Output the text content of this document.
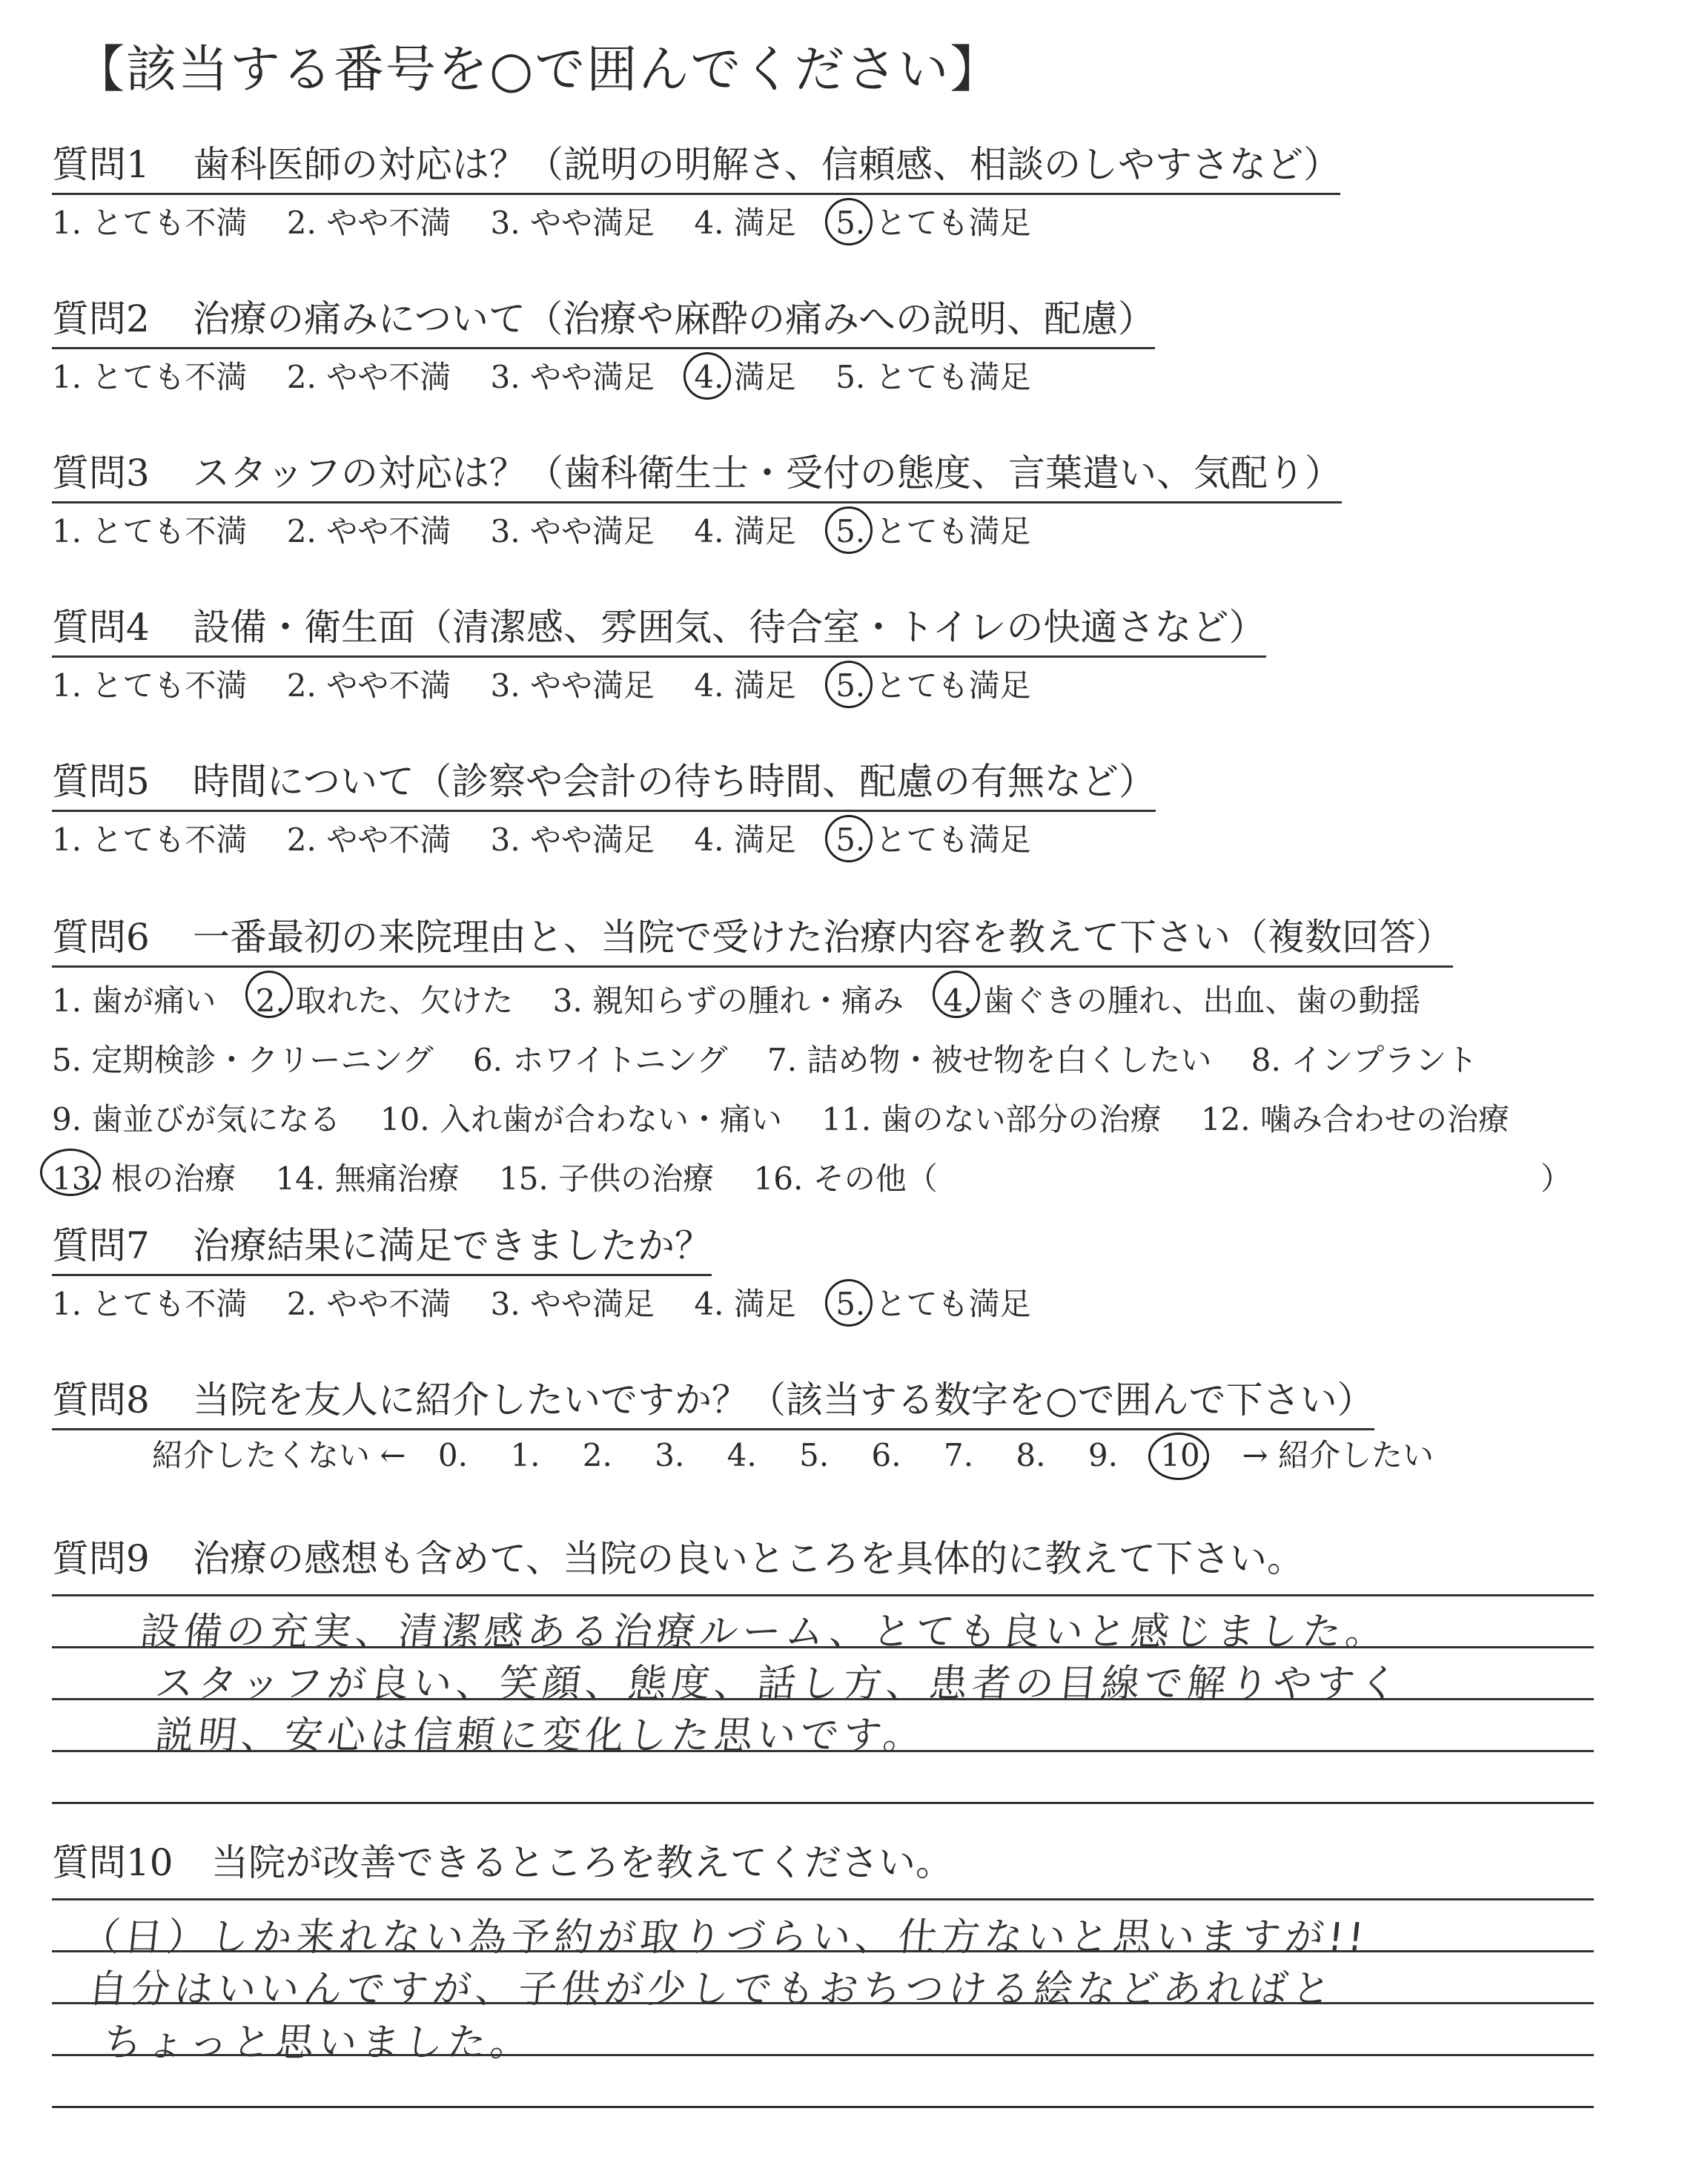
【該当する番号を○で囲んでください】
質問1 歯科医師の対応は？（説明の明解さ、信頼感、相談のしやすさなど）
1. とても不満 2. やや不満 3. やや満足 4. 満足 5. とても満足
質問2 治療の痛みについて（治療や麻酔の痛みへの説明、配慮）
1. とても不満 2. やや不満 3. やや満足 4. 満足 5. とても満足
質問3 スタッフの対応は？（歯科衛生士・受付の態度、言葉遣い、気配り）
1. とても不満 2. やや不満 3. やや満足 4. 満足 5. とても満足
質問4 設備・衛生面（清潔感、雰囲気、待合室・トイレの快適さなど）
1. とても不満 2. やや不満 3. やや満足 4. 満足 5. とても満足
質問5 時間について（診察や会計の待ち時間、配慮の有無など）
1. とても不満 2. やや不満 3. やや満足 4. 満足 5. とても満足
質問6 一番最初の来院理由と、当院で受けた治療内容を教えて下さい（複数回答）
1. 歯が痛い 2. 取れた、欠けた 3. 親知らずの腫れ・痛み 4. 歯ぐきの腫れ、出血、歯の動揺
5. 定期検診・クリーニング 6. ホワイトニング 7. 詰め物・被せ物を白くしたい 8. インプラント
9. 歯並びが気になる 10. 入れ歯が合わない・痛い 11. 歯のない部分の治療 12. 噛み合わせの治療
13. 根の治療 14. 無痛治療 15. 子供の治療 16. その他（	）
質問7 治療結果に満足できましたか？
1. とても不満 2. やや不満 3. やや満足 4. 満足 5. とても満足
質問8 当院を友人に紹介したいですか？（該当する数字を○で囲んで下さい）
紹介したくない ← 0. 1. 2. 3. 4. 5. 6. 7. 8. 9. 10. → 紹介したい
質問9 治療の感想も含めて、当院の良いところを具体的に教えて下さい。
設備の充実、清潔感ある治療ルーム、とても良いと感じました。
スタッフが良い、笑顔、態度、話し方、患者の目線で解りやすく
説明、安心は信頼に変化した思いです。
質問10 当院が改善できるところを教えてください。
（日）しか来れない為予約が取りづらい、仕方ないと思いますが!!
自分はいいんですが、子供が少しでもおちつける絵などあればと
ちょっと思いました。
